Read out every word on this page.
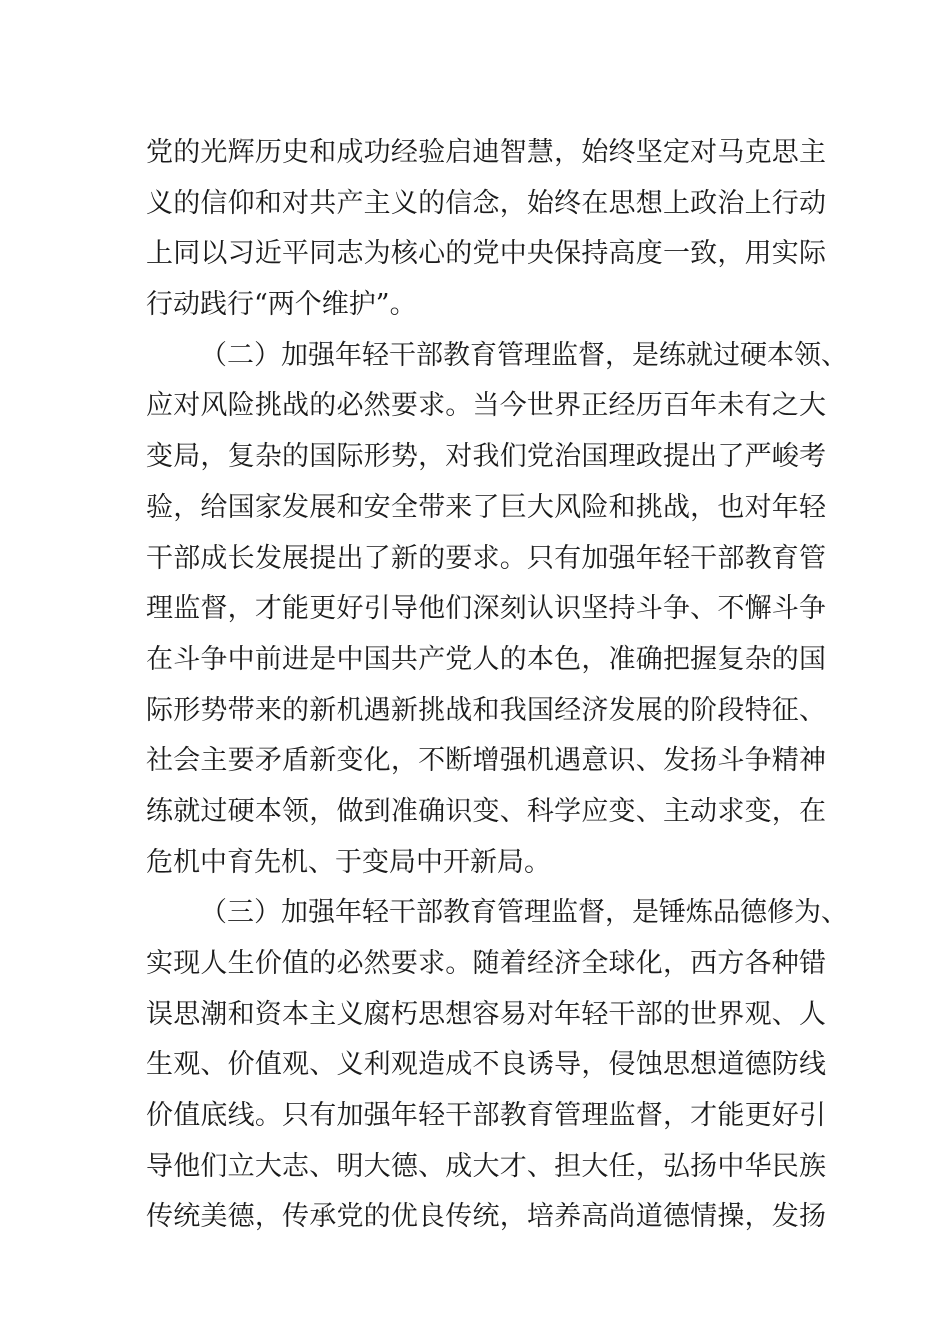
党的光辉历史和成功经验启迪智慧，始终坚定对马克思主
义的信仰和对共产主义的信念，始终在思想上政治上行动
上同以习近平同志为核心的党中央保持高度一致，用实际
行动践行“两个维护”。
（二）加强年轻干部教育管理监督，是练就过硬本领、
应对风险挑战的必然要求。当今世界正经历百年未有之大
变局，复杂的国际形势，对我们党治国理政提出了严峻考
验，给国家发展和安全带来了巨大风险和挑战，也对年轻
干部成长发展提出了新的要求。只有加强年轻干部教育管
理监督，才能更好引导他们深刻认识坚持斗争、不懈斗争
在斗争中前进是中国共产党人的本色，准确把握复杂的国
际形势带来的新机遇新挑战和我国经济发展的阶段特征、
社会主要矛盾新变化，不断增强机遇意识、发扬斗争精神
练就过硬本领，做到准确识变、科学应变、主动求变，在
危机中育先机、于变局中开新局。
（三）加强年轻干部教育管理监督，是锤炼品德修为、
实现人生价值的必然要求。随着经济全球化，西方各种错
误思潮和资本主义腐朽思想容易对年轻干部的世界观、人
生观、价值观、义利观造成不良诱导，侵蚀思想道德防线
价值底线。只有加强年轻干部教育管理监督，才能更好引
导他们立大志、明大德、成大才、担大任，弘扬中华民族
传统美德，传承党的优良传统，培养高尚道德情操，发扬
